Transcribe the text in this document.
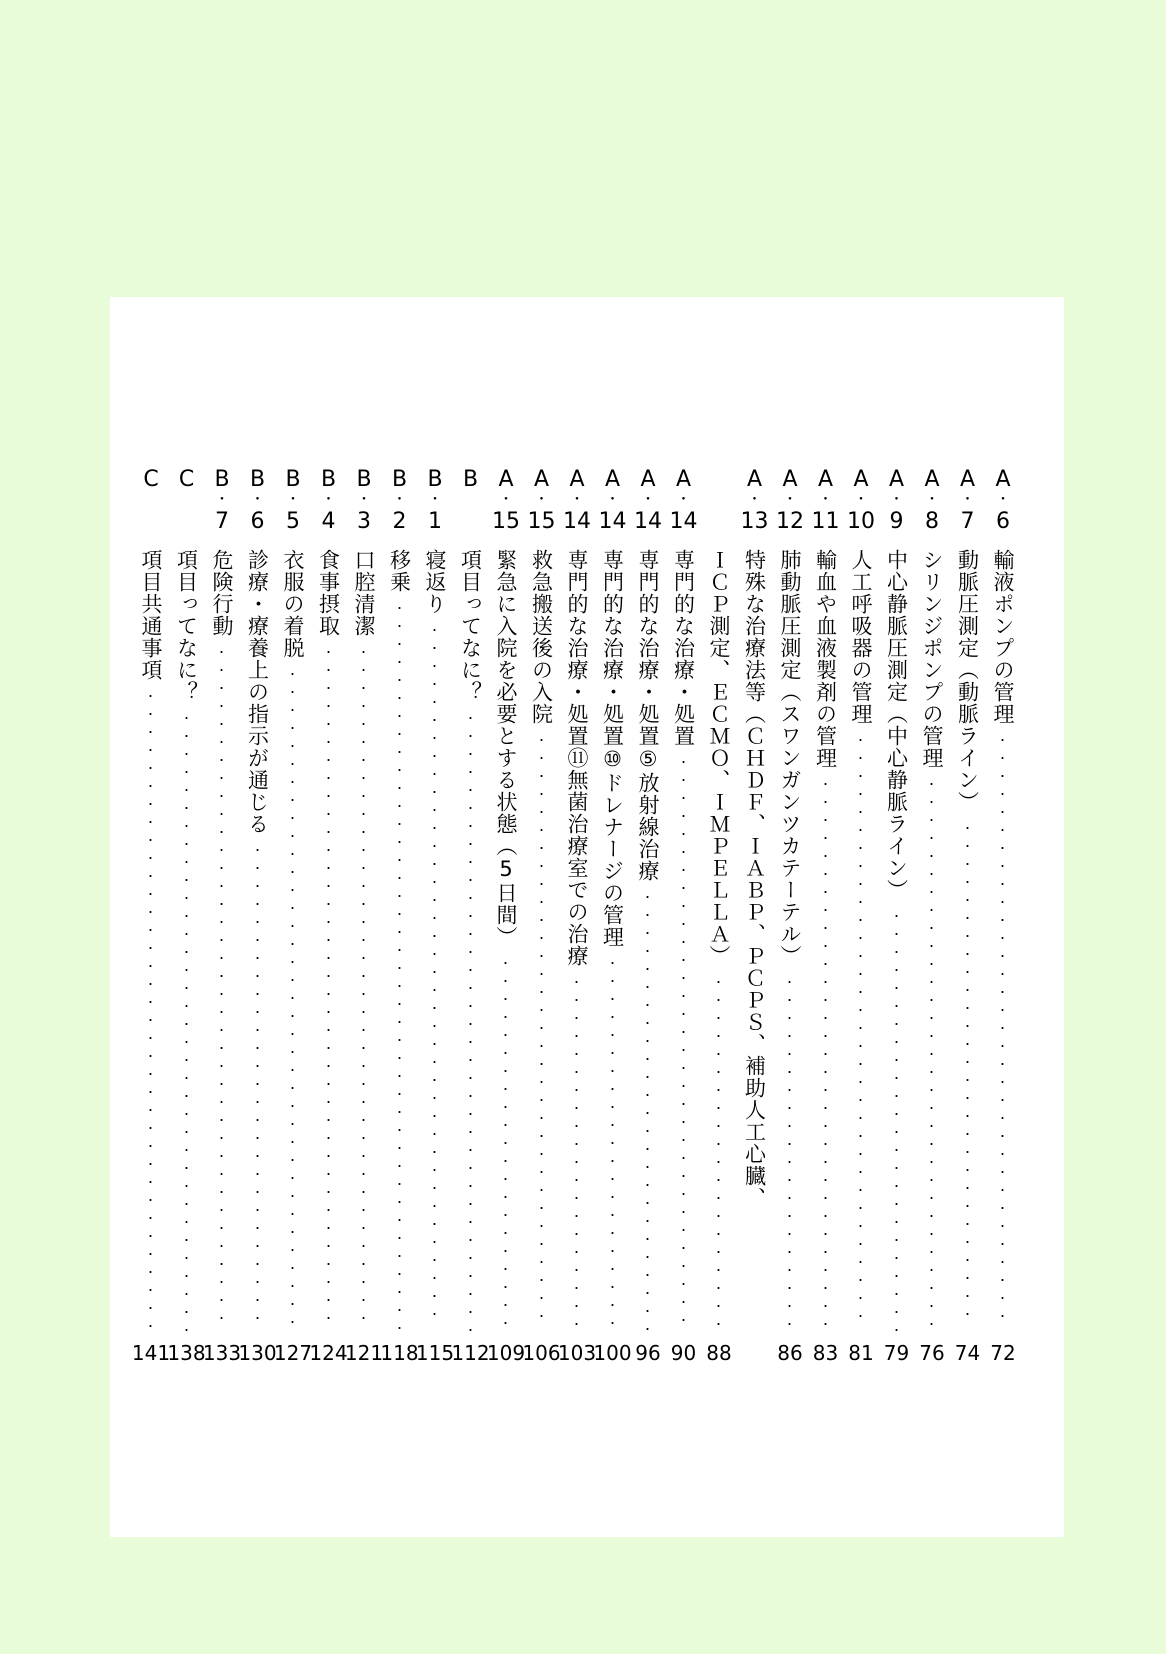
A
・
6
輸液ポンプの管理
72
A
・
7
動脈圧測定（動脈ライン）
74
A
・
8
シリンジポンプの管理
76
A
・
9
中心静脈圧測定（中心静脈ライン）
79
A
・
10
人工呼吸器の管理
81
A
・
11
輸血や血液製剤の管理
83
A
・
12
肺動脈圧測定（スワンガンツカテーテル）
86
A
・
13
特殊な治療法等（ＣＨＤＦ、ＩＡＢＰ、ＰＣＰＳ、補助人工心臓、
ＩＣＰ測定、ＥＣＭＯ、ＩＭＰＥＬＬＡ）
88
A
・
14
専門的な治療・処置
90
A
・
14
専門的な治療・処置⑤放射線治療
96
A
・
14
専門的な治療・処置⑩ドレナージの管理
100
A
・
14
専門的な治療・処置⑪無菌治療室での治療
103
A
・
15
救急搬送後の入院
106
A
・
15
緊急に入院を必要とする状態（5日間）
109
B
項目ってなに？
112
B
・
1
寝返り
115
B
・
2
移乗
118
B
・
3
口腔清潔
121
B
・
4
食事摂取
124
B
・
5
衣服の着脱
127
B
・
6
診療・療養上の指示が通じる
130
B
・
7
危険行動
133
C
項目ってなに？
138
C
項目共通事項
141
